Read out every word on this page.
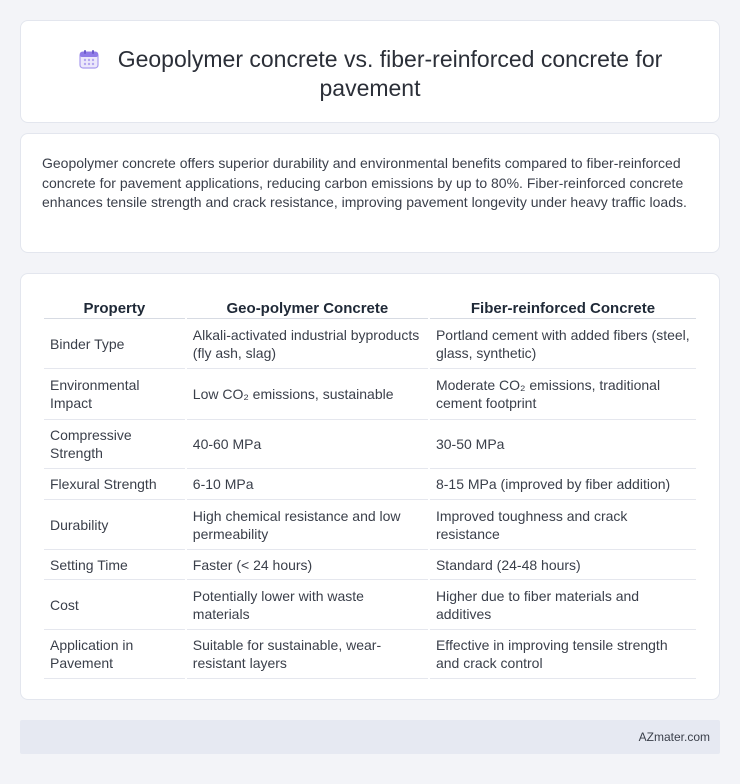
Geopolymer concrete vs. fiber-reinforced concrete for pavement

Geopolymer concrete offers superior durability and environmental benefits compared to fiber-reinforced concrete for pavement applications, reducing carbon emissions by up to 80%. Fiber-reinforced concrete enhances tensile strength and crack resistance, improving pavement longevity under heavy traffic loads.

Property	Geo-polymer Concrete	Fiber-reinforced Concrete
Binder Type	Alkali-activated industrial byproducts (fly ash, slag)	Portland cement with added fibers (steel, glass, synthetic)
Environmental Impact	Low CO₂ emissions, sustainable	Moderate CO₂ emissions, traditional cement footprint
Compressive Strength	40-60 MPa	30-50 MPa
Flexural Strength	6-10 MPa	8-15 MPa (improved by fiber addition)
Durability	High chemical resistance and low permeability	Improved toughness and crack resistance
Setting Time	Faster (< 24 hours)	Standard (24-48 hours)
Cost	Potentially lower with waste materials	Higher due to fiber materials and additives
Application in Pavement	Suitable for sustainable, wear-resistant layers	Effective in improving tensile strength and crack control
AZmater.com
